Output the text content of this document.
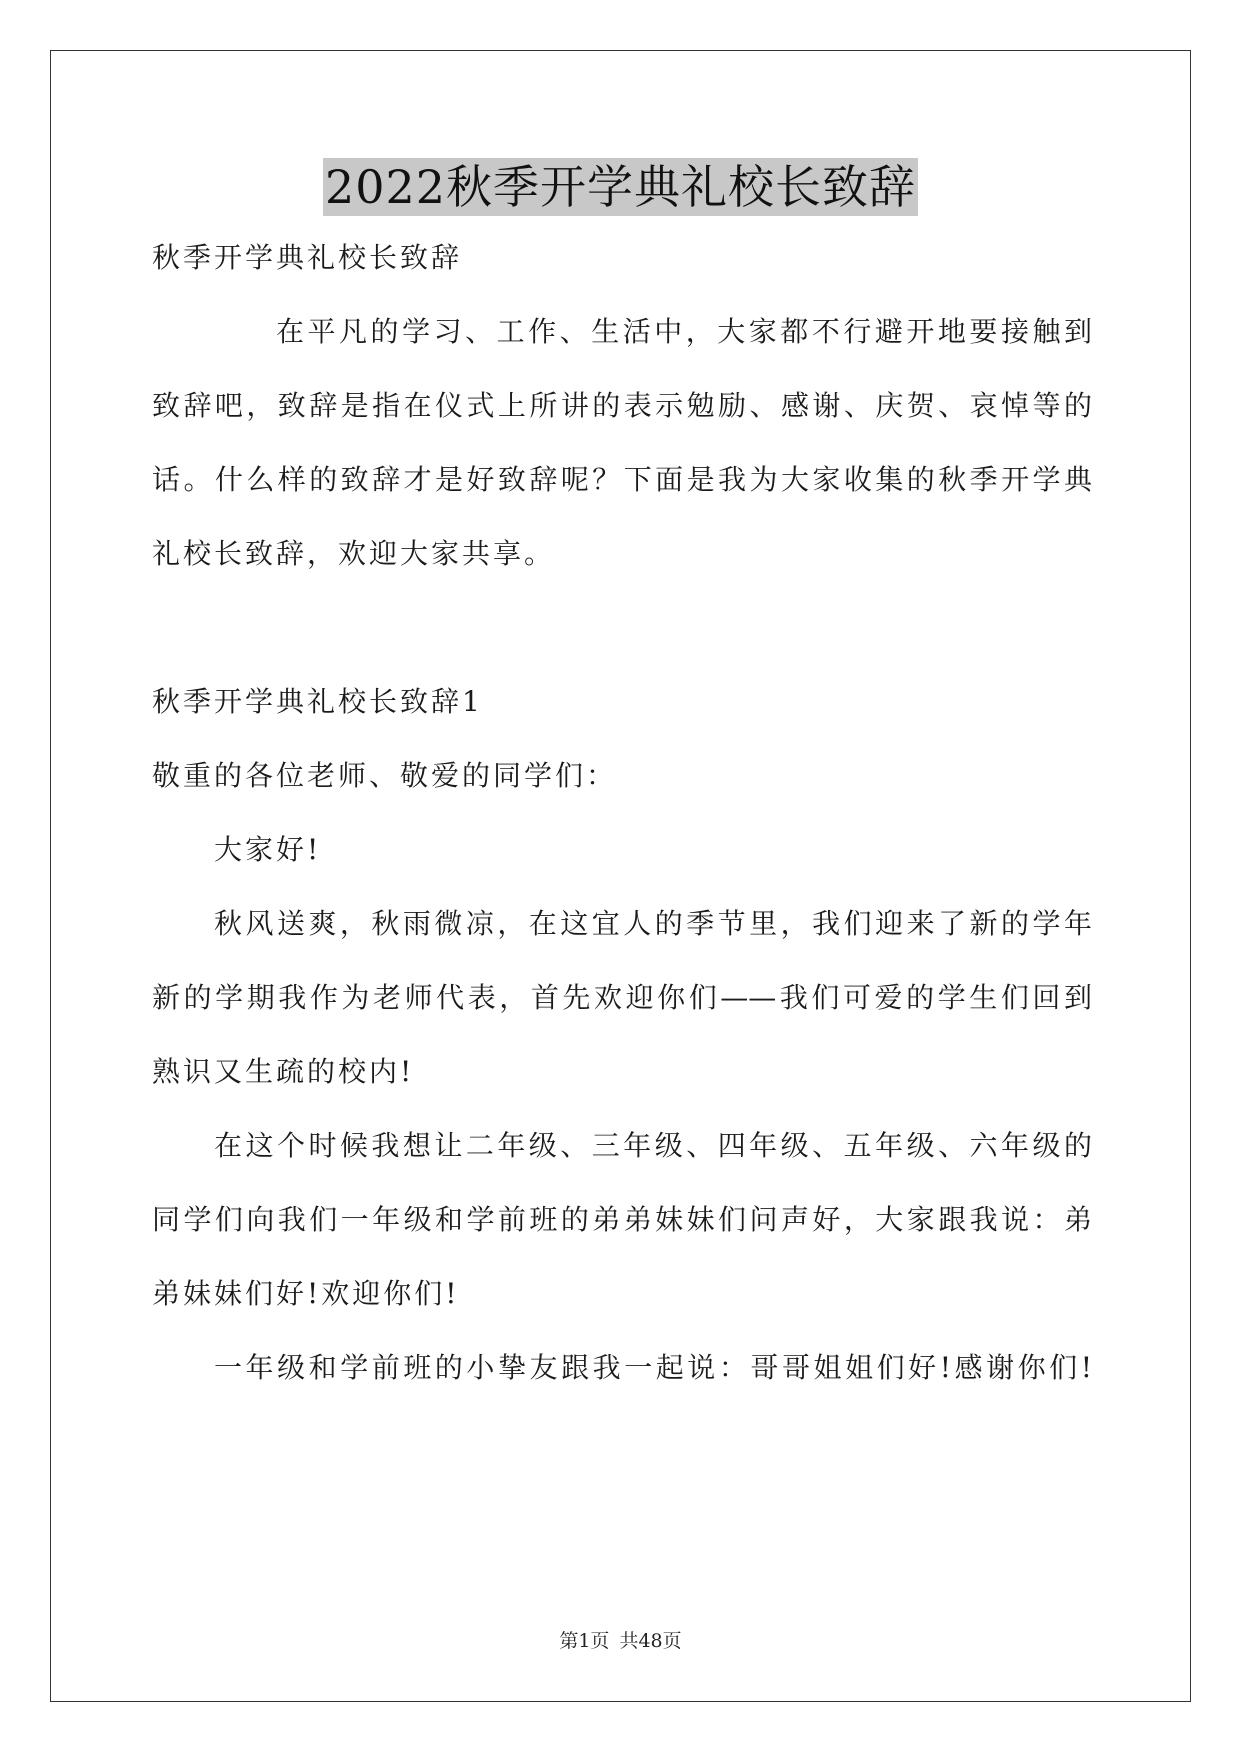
2022秋季开学典礼校长致辞
秋季开学典礼校长致辞
在平凡的学习、工作、生活中，大家都不行避开地要接触到
致辞吧，致辞是指在仪式上所讲的表示勉励、感谢、庆贺、哀悼等的
话。什么样的致辞才是好致辞呢？下面是我为大家收集的秋季开学典
礼校长致辞，欢迎大家共享。
秋季开学典礼校长致辞1
敬重的各位老师、敬爱的同学们：
大家好!
秋风送爽，秋雨微凉，在这宜人的季节里，我们迎来了新的学年
新的学期我作为老师代表，首先欢迎你们——我们可爱的学生们回到
熟识又生疏的校内!
在这个时候我想让二年级、三年级、四年级、五年级、六年级的
同学们向我们一年级和学前班的弟弟妹妹们问声好，大家跟我说：弟
弟妹妹们好!欢迎你们!
一年级和学前班的小挚友跟我一起说：哥哥姐姐们好!感谢你们!
第1页 共48页
